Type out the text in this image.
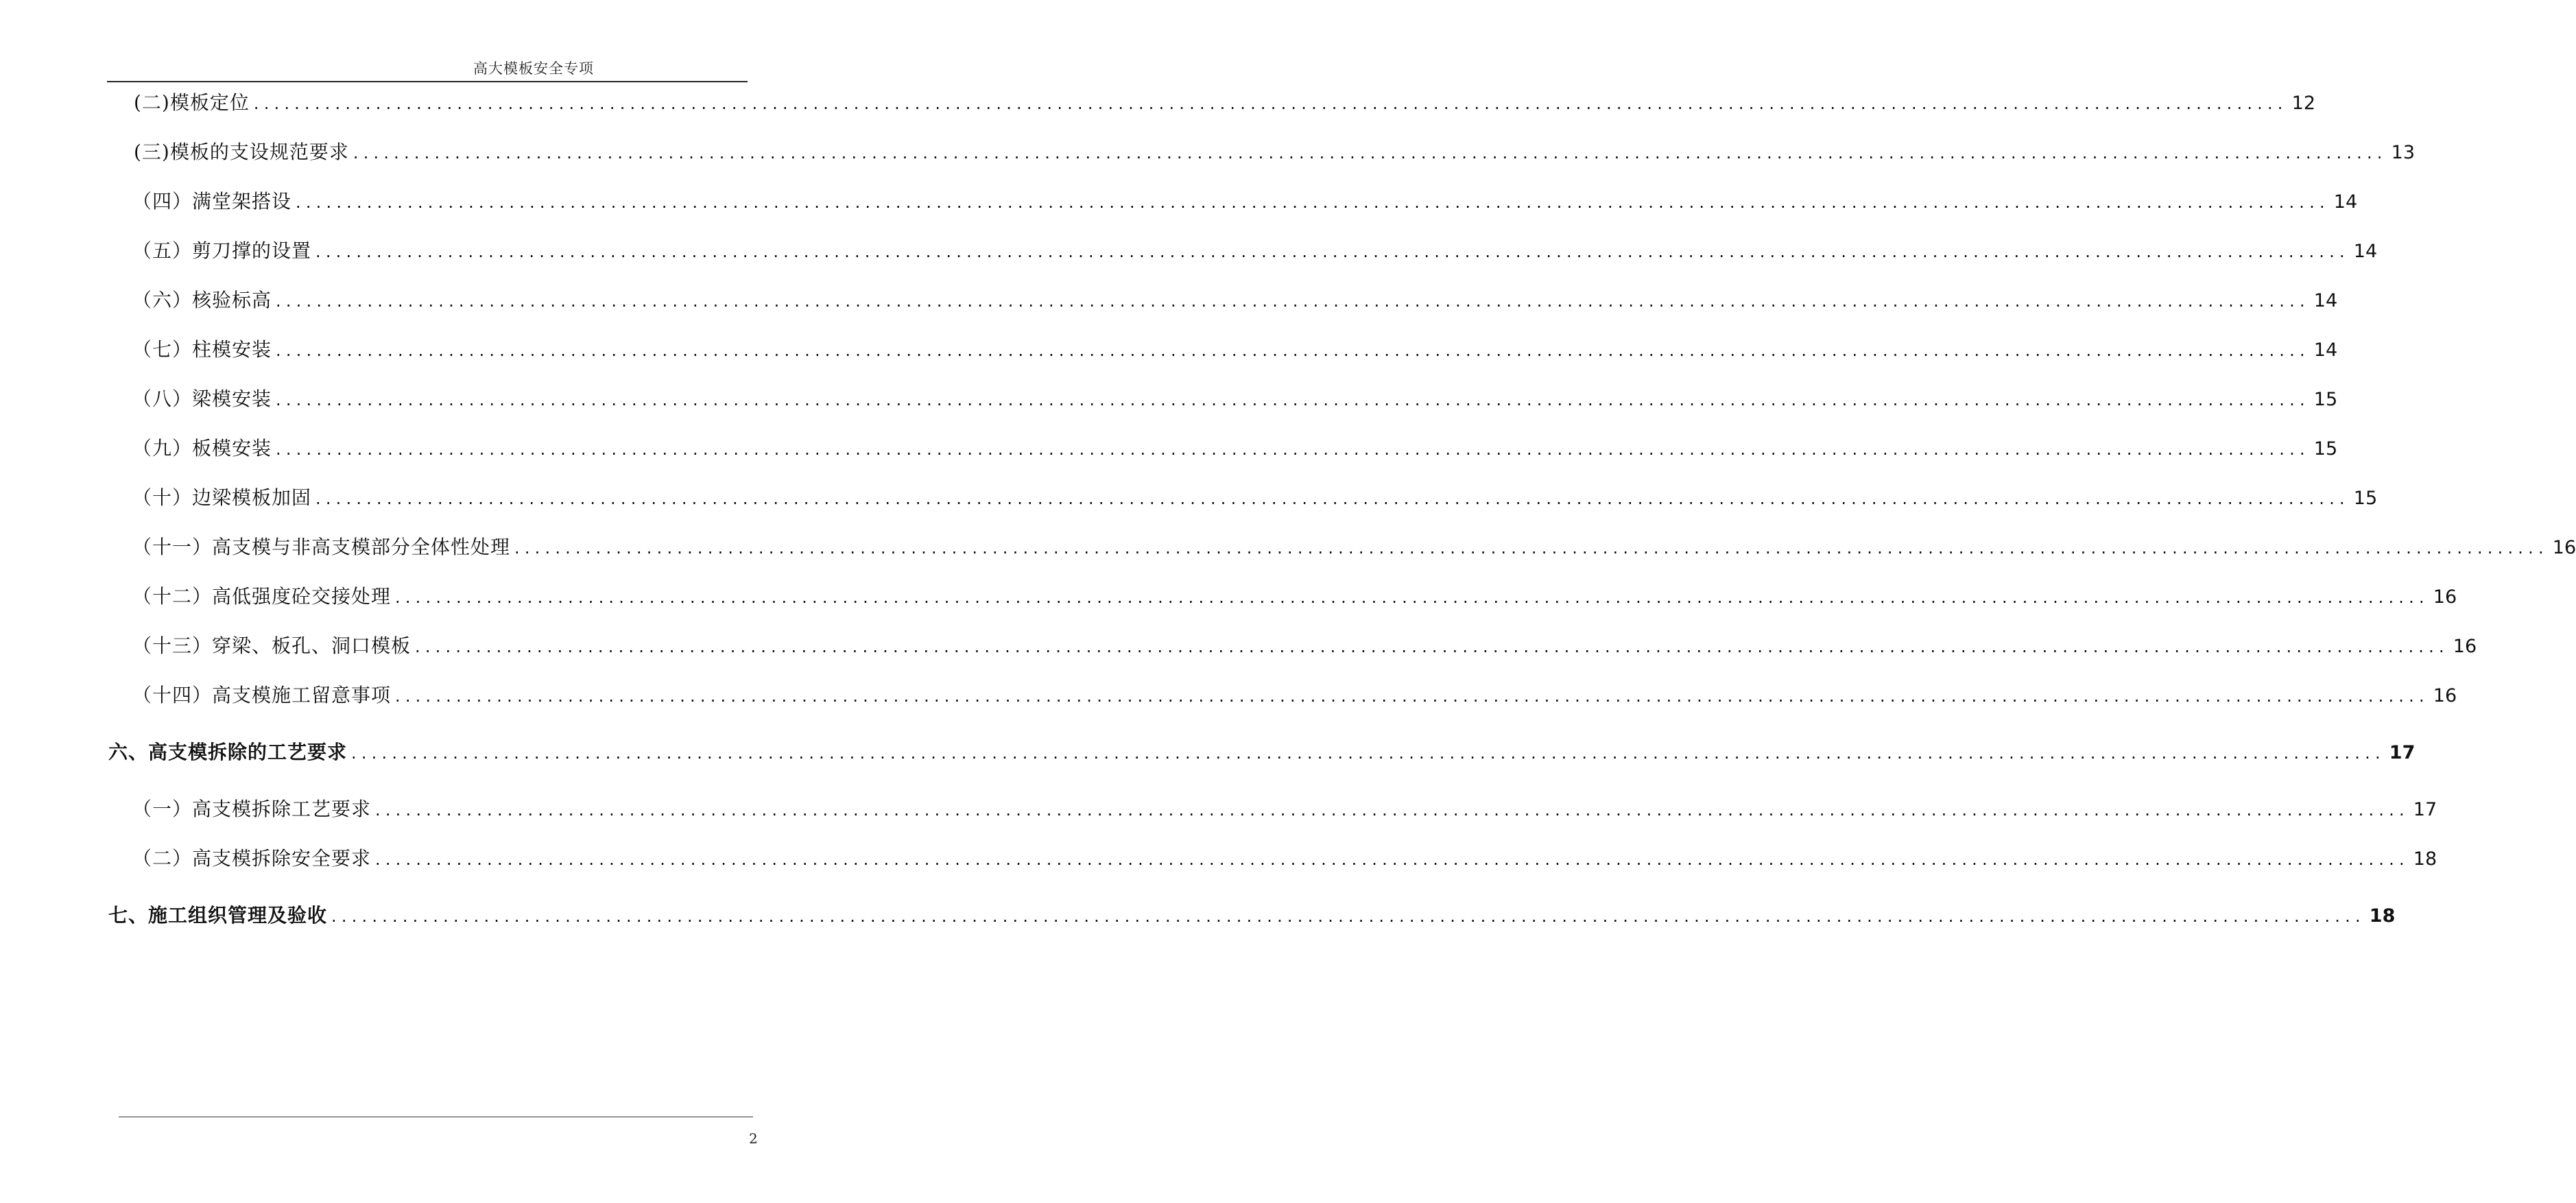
高大模板安全专项
(二)模板定位 ........................................................................................................................................................................................................ 12
(三)模板的支设规范要求 ........................................................................................................................................................................................................ 13
（四）满堂架搭设 ........................................................................................................................................................................................................ 14
（五）剪刀撑的设置 ........................................................................................................................................................................................................ 14
（六）核验标高 ........................................................................................................................................................................................................ 14
（七）柱模安装 ........................................................................................................................................................................................................ 14
（八）梁模安装 ........................................................................................................................................................................................................ 15
（九）板模安装 ........................................................................................................................................................................................................ 15
（十）边梁模板加固 ........................................................................................................................................................................................................ 15
（十一）高支模与非高支模部分全体性处理 ........................................................................................................................................................................................................ 16
（十二）高低强度砼交接处理 ........................................................................................................................................................................................................ 16
（十三）穿梁、板孔、洞口模板 ........................................................................................................................................................................................................ 16
（十四）高支模施工留意事项 ........................................................................................................................................................................................................ 16
六、高支模拆除的工艺要求 ........................................................................................................................................................................................................ 17
（一）高支模拆除工艺要求 ........................................................................................................................................................................................................ 17
（二）高支模拆除安全要求 ........................................................................................................................................................................................................ 18
七、施工组织管理及验收 ........................................................................................................................................................................................................ 18
2
